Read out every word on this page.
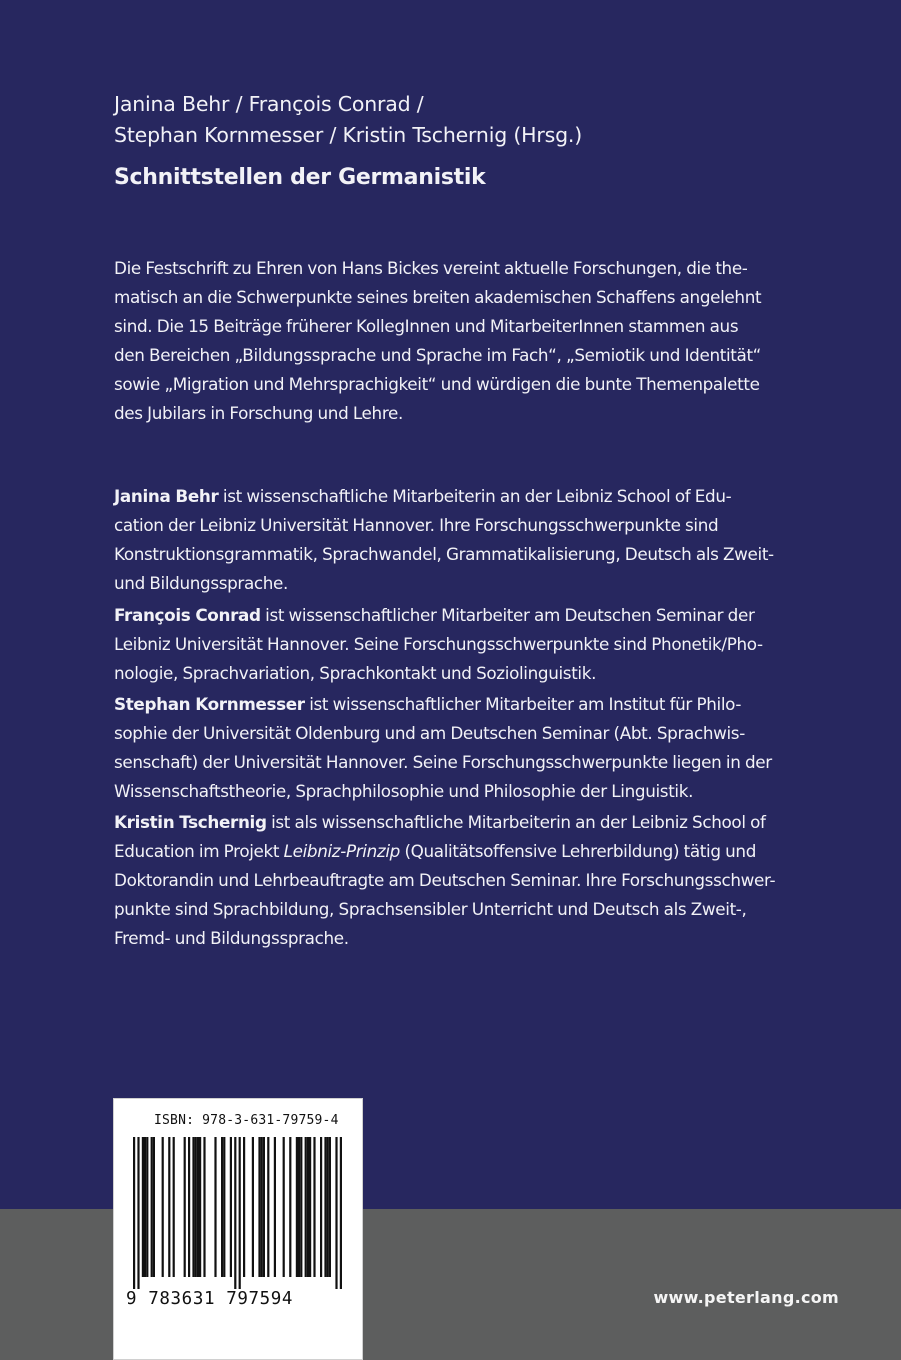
Janina Behr / François Conrad /
Stephan Kornmesser / Kristin Tschernig (Hrsg.)
Schnittstellen der Germanistik
Die Festschrift zu Ehren von Hans Bickes vereint aktuelle Forschungen, die the-
matisch an die Schwerpunkte seines breiten akademischen Schaffens angelehnt
sind. Die 15 Beiträge früherer KollegInnen und MitarbeiterInnen stammen aus
den Bereichen „Bildungssprache und Sprache im Fach“, „Semiotik und Identität“
sowie „Migration und Mehrsprachigkeit“ und würdigen die bunte Themenpalette
des Jubilars in Forschung und Lehre.
Janina Behr ist wissenschaftliche Mitarbeiterin an der Leibniz School of Edu-
cation der Leibniz Universität Hannover. Ihre Forschungsschwerpunkte sind
Konstruktionsgrammatik, Sprachwandel, Grammatikalisierung, Deutsch als Zweit-
und Bildungssprache.
François Conrad ist wissenschaftlicher Mitarbeiter am Deutschen Seminar der
Leibniz Universität Hannover. Seine Forschungsschwerpunkte sind Phonetik/Pho-
nologie, Sprachvariation, Sprachkontakt und Soziolinguistik.
Stephan Kornmesser ist wissenschaftlicher Mitarbeiter am Institut für Philo-
sophie der Universität Oldenburg und am Deutschen Seminar (Abt. Sprachwis-
senschaft) der Universität Hannover. Seine Forschungsschwerpunkte liegen in der
Wissenschaftstheorie, Sprachphilosophie und Philosophie der Linguistik.
Kristin Tschernig ist als wissenschaftliche Mitarbeiterin an der Leibniz School of
Education im Projekt Leibniz-Prinzip (Qualitätsoffensive Lehrerbildung) tätig und
Doktorandin und Lehrbeauftragte am Deutschen Seminar. Ihre Forschungsschwer-
punkte sind Sprachbildung, Sprachsensibler Unterricht und Deutsch als Zweit-,
Fremd- und Bildungssprache.
www.peterlang.com
ISBN: 978-3-631-79759-4
9 783631 797594
